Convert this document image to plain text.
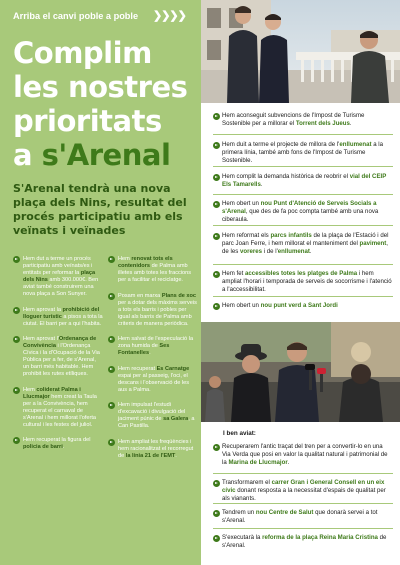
Arriba el canvi poble a poble ❯❯❯❯
Complim
les nostres
prioritats
a s'Arenal
S'Arenal tendrà una nova plaça dels Nins, resultat del procés participatiu amb els veïnats i veïnades
Hem dut a terme un procés participatiu amb veïnats/es i entitats per reformar la plaça dels Nins amb 300.000€. Ben aviat també construirem una nova plaça a Son Sunyer.
Hem aprovat la prohibició del lloguer turístic a pisos a tota la ciutat. El barri per a qui l'habita.
Hem aprovat l'Ordenança de Convivència i l'Ordenança Cívica i la d'Ocupació de la Via Pública per a fer, de s'Arenal, un barri més habitable. Hem prohibit les rutes etíliques.
Hem coliderat Palma i Llucmajor hem creat la Taula per a la Convivència, hem recuperat el carnaval de s'Arenal i hem millorat l'oferta cultural i les festes del juliol.
Hem recuperat la figura del policia de barri.
Hem renovat tots els contenidors de Palma amb illetes amb totes les fraccions per a facilitar el reciclatge.
Posam en marxa Plans de xoc per a dotar dels màxims serveis a tots els barris i pobles per igual als barris de Palma amb criteris de manera periòdica.
Hem salvat de l'especulació la zona humida de Ses Fontanelles.
Hem recuperat Es Carnatge espai per al passeig, l'oci, el descans i l'observació de les aus a Palma.
Hem impulsat l'estudi d'excavació i divulgació del jaciment púnic de sa Galera, a Can Pastilla.
Hem ampliat les freqüències i hem racionalitzat el recorregut de la línia 21 de l'EMT.
Hem aconseguit subvencions de l'Impost de Turisme Sostenible per a millorar el Torrent dels Jueus.
Hem duit a terme el projecte de millora de l'enllumenat a la primera línia, també amb fons de l'Impost de Turisme Sostenible.
Hem complit la demanda històrica de reobrir el vial del CEIP Els Tamarells.
Hem obert un nou Punt d'Atenció de Serveis Socials a s'Arenal, que des de fa poc compta també amb una nova ciberaula.
Hem reformat els parcs infantils de la plaça de l'Estació i del parc Joan Ferre, i hem millorat el manteniment del paviment, de les voreres i de l'enllumenat.
Hem fet accessibles totes les platges de Palma i hem ampliat l'horari i temporada de serveis de socorrisme i l'atenció a l'accessibilitat.
Hem obert un nou punt verd a Sant Jordi
I ben aviat:
Recuperarem l'antic traçat del tren per a convertir-lo en una Via Verda que posi en valor la qualitat natural i patrimonial de la Marina de Llucmajor.
Transformarem el carrer Gran i General Consell en un eix cívic donant resposta a la necessitat d'espais de qualitat per als vianants.
Tendrem un nou Centre de Salut que donarà servei a tot s'Arenal.
S'executarà la reforma de la plaça Reina Maria Cristina de s'Arenal.
